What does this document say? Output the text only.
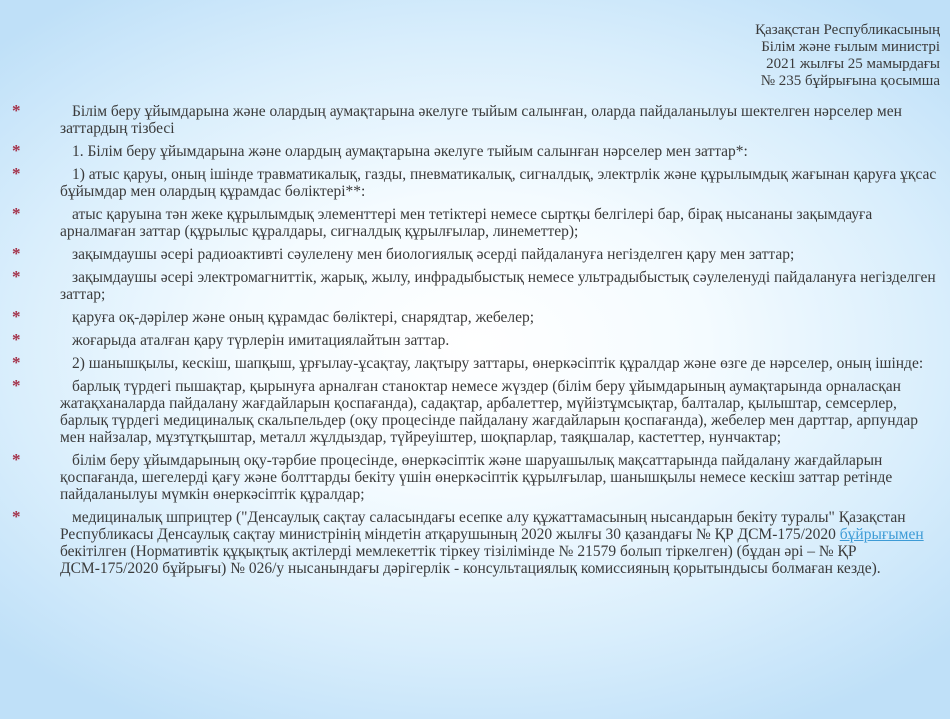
Қазақстан Республикасының
Білім және ғылым министрі
2021 жылғы 25 мамырдағы
№ 235 бұйрығына қосымша
*	Білім беру ұйымдарына және олардың аумақтарына әкелуге тыйым салынған, оларда пайдаланылуы шектелген нәрселер мен заттардың тізбесі
*	1. Білім беру ұйымдарына және олардың аумақтарына әкелуге тыйым салынған нәрселер мен заттар*:
*	1) атыс қаруы, оның ішінде травматикалық, газды, пневматикалық, сигналдық, электрлік және құрылымдық жағынан қаруға ұқсас бұйымдар мен олардың құрамдас бөліктері**:
*	атыс қаруына тән жеке құрылымдық элементтері мен тетіктері немесе сыртқы белгілері бар, бірақ нысананы зақымдауға арналмаған заттар (құрылыс құралдары, сигналдық құрылғылар, линеметтер);
*	зақымдаушы әсері радиоактивті сәулелену мен биологиялық әсерді пайдалануға негізделген қару мен заттар;
*	зақымдаушы әсері электромагниттік, жарық, жылу, инфрадыбыстық немесе ультрадыбыстық сәулеленуді пайдалануға негізделген заттар;
*	қаруға оқ-дәрілер және оның құрамдас бөліктері, снарядтар, жебелер;
*	жоғарыда аталған қару түрлерін имитациялайтын заттар.
*	2) шанышқылы, кескіш, шапқыш, ұрғылау-ұсақтау, лақтыру заттары, өнеркәсіптік құралдар және өзге де нәрселер, оның ішінде:
*	барлық түрдегі пышақтар, қырынуға арналған станоктар немесе жүздер (білім беру ұйымдарының аумақтарында орналасқан жатақханаларда пайдалану жағдайларын қоспағанда), садақтар, арбалеттер, мүйізтұмсықтар, балталар, қылыштар, семсерлер, барлық түрдегі медициналық скальпельдер (оқу процесінде пайдалану жағдайларын қоспағанда), жебелер мен дарттар, арпундар мен найзалар, мұзтұтқыштар, металл жұлдыздар, түйреуіштер, шоқпарлар, таяқшалар, кастеттер, нунчактар;
*	білім беру ұйымдарының оқу-тәрбие процесінде, өнеркәсіптік және шаруашылық мақсаттарында пайдалану жағдайларын қоспағанда, шегелерді қағу және болттарды бекіту үшін өнеркәсіптік құрылғылар, шанышқылы немесе кескіш заттар ретінде пайдаланылуы мүмкін өнеркәсіптік құралдар;
*	медициналық шприцтер ("Денсаулық сақтау саласындағы есепке алу құжаттамасының нысандарын бекіту туралы" Қазақстан Республикасы Денсаулық сақтау министрінің міндетін атқарушының 2020 жылғы 30 қазандағы № ҚР ДСМ-175/2020 бұйрығымен бекітілген (Нормативтік құқықтық актілерді мемлекеттік тіркеу тізілімінде № 21579 болып тіркелген) (бұдан әрі – № ҚР ДСМ-175/2020 бұйрығы) № 026/у нысанындағы дәрігерлік - консультациялық комиссияның қорытындысы болмаған кезде).
